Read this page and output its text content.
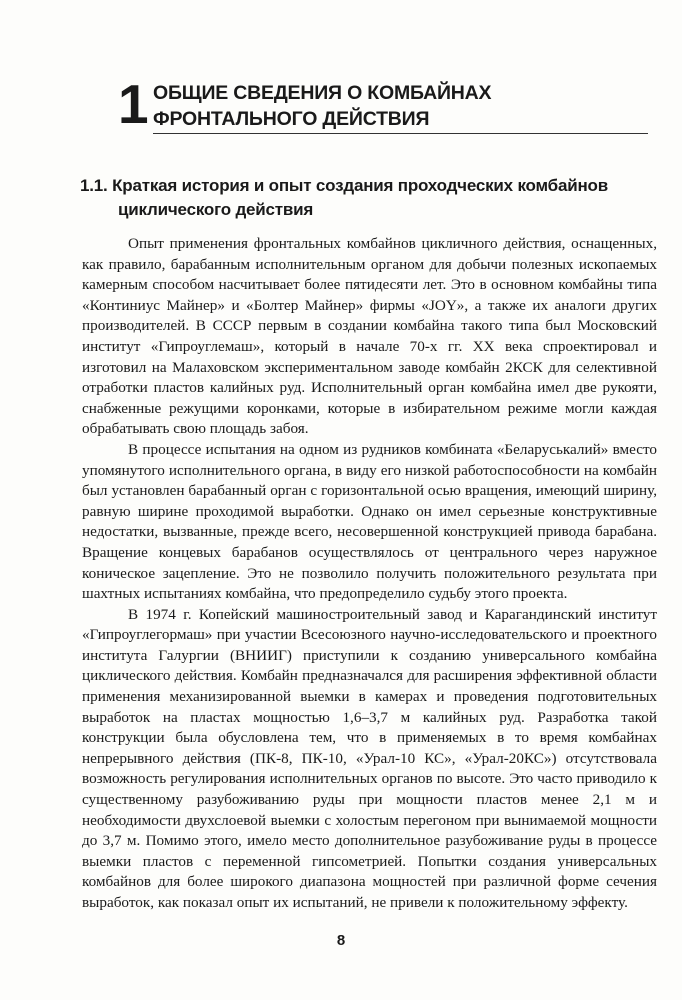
1 ОБЩИЕ СВЕДЕНИЯ О КОМБАЙНАХ
ФРОНТАЛЬНОГО ДЕЙСТВИЯ
1.1. Краткая история и опыт создания проходческих комбайнов
циклического действия

Опыт применения фронтальных комбайнов цикличного действия, оснащенных, как правило, барабанным исполнительным органом для добычи полезных ископаемых камерным способом насчитывает более пятидесяти лет. Это в основном комбайны типа «Континиус Майнер» и «Болтер Майнер» фирмы «JOY», а также их аналоги других производителей. В СССР первым в создании комбайна такого типа был Московский институт «Гипроуглемаш», который в начале 70-х гг. XX века спроектировал и изготовил на Малаховском экспериментальном заводе комбайн 2КСК для селективной отработки пластов калийных руд. Исполнительный орган комбайна имел две рукояти, снабженные режущими коронками, которые в избирательном режиме могли каждая обрабатывать свою площадь забоя.

В процессе испытания на одном из рудников комбината «Беларуськалий» вместо упомянутого исполнительного органа, в виду его низкой работоспособности на комбайн был установлен барабанный орган с горизонтальной осью вращения, имеющий ширину, равную ширине проходимой выработки. Однако он имел серьезные конструктивные недостатки, вызванные, прежде всего, несовершенной конструкцией привода барабана. Вращение концевых барабанов осуществлялось от центрального через наружное коническое зацепление. Это не позволило получить положительного результата при шахтных испытаниях комбайна, что предопределило судьбу этого проекта.

В 1974 г. Копейский машиностроительный завод и Карагандинский институт «Гипроуглегормаш» при участии Всесоюзного научно-исследовательского и проектного института Галургии (ВНИИГ) приступили к созданию универсального комбайна циклического действия. Комбайн предназначался для расширения эффективной области применения механизированной выемки в камерах и проведения подготовительных выработок на пластах мощностью 1,6–3,7 м калийных руд. Разработка такой конструкции была обусловлена тем, что в применяемых в то время комбайнах непрерывного действия (ПК-8, ПК-10, «Урал-10 КС», «Урал-20КС») отсутствовала возможность регулирования исполнительных органов по высоте. Это часто приводило к существенному разубоживанию руды при мощности пластов менее 2,1 м и необходимости двухслоевой выемки с холостым перегоном при вынимаемой мощности до 3,7 м. Помимо этого, имело место дополнительное разубоживание руды в процессе выемки пластов с переменной гипсометрией. Попытки создания универсальных комбайнов для более широкого диапазона мощностей при различной форме сечения выработок, как показал опыт их испытаний, не привели к положительному эффекту.

8
